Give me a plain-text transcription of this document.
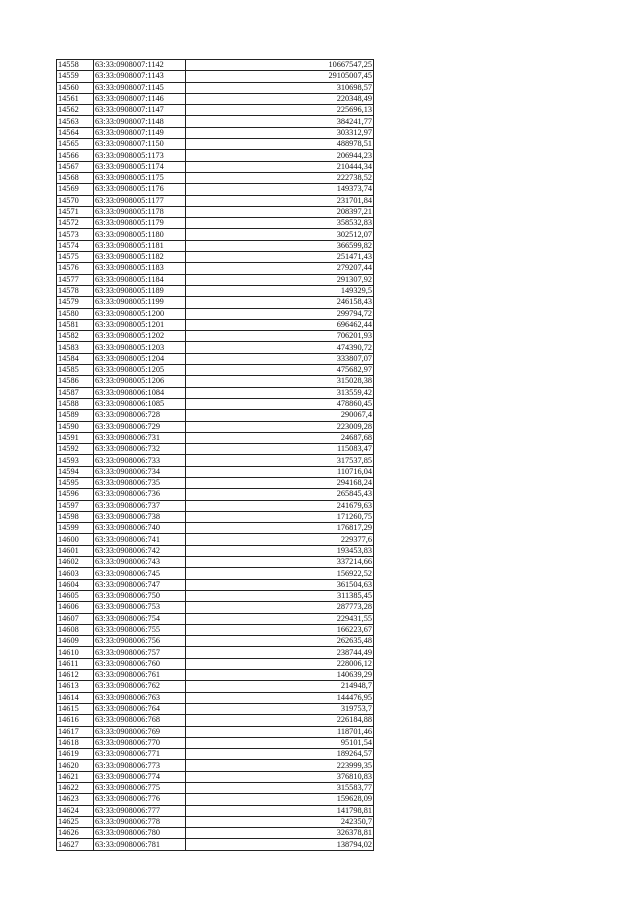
14558	63:33:0908007:1142	10667547,25
14559	63:33:0908007:1143	29105007,45
14560	63:33:0908007:1145	310698,57
14561	63:33:0908007:1146	220348,49
14562	63:33:0908007:1147	225696,13
14563	63:33:0908007:1148	384241,77
14564	63:33:0908007:1149	303312,97
14565	63:33:0908007:1150	488978,51
14566	63:33:0908005:1173	206944,23
14567	63:33:0908005:1174	210444,34
14568	63:33:0908005:1175	222738,52
14569	63:33:0908005:1176	149373,74
14570	63:33:0908005:1177	231701,84
14571	63:33:0908005:1178	208397,21
14572	63:33:0908005:1179	358532,83
14573	63:33:0908005:1180	302512,07
14574	63:33:0908005:1181	366599,82
14575	63:33:0908005:1182	251471,43
14576	63:33:0908005:1183	279207,44
14577	63:33:0908005:1184	291307,92
14578	63:33:0908005:1189	149329,5
14579	63:33:0908005:1199	246158,43
14580	63:33:0908005:1200	299794,72
14581	63:33:0908005:1201	696462,44
14582	63:33:0908005:1202	706201,93
14583	63:33:0908005:1203	474390,72
14584	63:33:0908005:1204	333807,07
14585	63:33:0908005:1205	475682,97
14586	63:33:0908005:1206	315028,38
14587	63:33:0908006:1084	313559,42
14588	63:33:0908006:1085	478860,45
14589	63:33:0908006:728	290067,4
14590	63:33:0908006:729	223009,28
14591	63:33:0908006:731	24687,68
14592	63:33:0908006:732	115083,47
14593	63:33:0908006:733	317537,85
14594	63:33:0908006:734	110716,04
14595	63:33:0908006:735	294168,24
14596	63:33:0908006:736	265845,43
14597	63:33:0908006:737	241679,63
14598	63:33:0908006:738	171260,75
14599	63:33:0908006:740	176817,29
14600	63:33:0908006:741	229377,6
14601	63:33:0908006:742	193453,83
14602	63:33:0908006:743	337214,66
14603	63:33:0908006:745	156922,52
14604	63:33:0908006:747	361504,63
14605	63:33:0908006:750	311385,45
14606	63:33:0908006:753	287773,28
14607	63:33:0908006:754	229431,55
14608	63:33:0908006:755	166223,67
14609	63:33:0908006:756	262635,48
14610	63:33:0908006:757	238744,49
14611	63:33:0908006:760	228006,12
14612	63:33:0908006:761	140639,29
14613	63:33:0908006:762	214948,7
14614	63:33:0908006:763	144476,95
14615	63:33:0908006:764	319753,7
14616	63:33:0908006:768	226184,88
14617	63:33:0908006:769	118701,46
14618	63:33:0908006:770	95101,54
14619	63:33:0908006:771	189264,57
14620	63:33:0908006:773	223999,35
14621	63:33:0908006:774	376810,83
14622	63:33:0908006:775	315583,77
14623	63:33:0908006:776	159628,09
14624	63:33:0908006:777	141798,81
14625	63:33:0908006:778	242350,7
14626	63:33:0908006:780	326378,81
14627	63:33:0908006:781	138794,02
